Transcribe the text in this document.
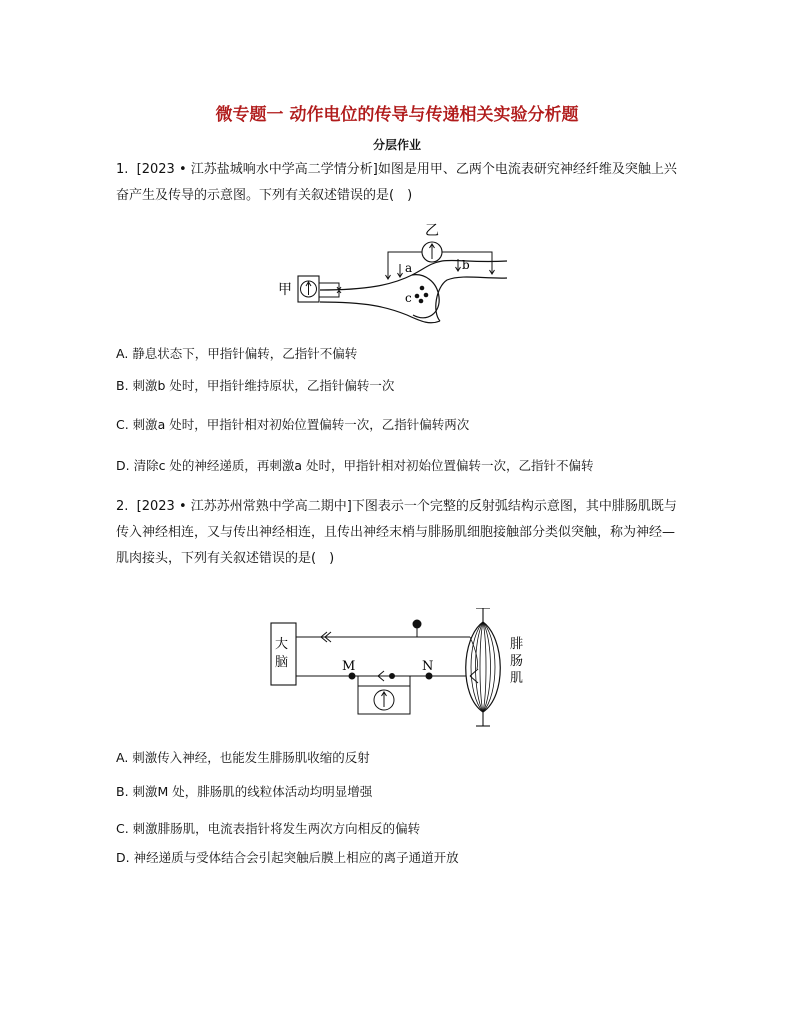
微专题一 动作电位的传导与传递相关实验分析题
分层作业
1. [2023 • 江苏盐城响水中学高二学情分析]如图是用甲、乙两个电流表研究神经纤维及突触上兴奋产生及传导的示意图。下列有关叙述错误的是(　)
c
甲
乙
a	b
A. 静息状态下，甲指针偏转，乙指针不偏转
B. 刺激b 处时，甲指针维持原状，乙指针偏转一次
C. 刺激a 处时，甲指针相对初始位置偏转一次，乙指针偏转两次
D. 清除c 处的神经递质，再刺激a 处时，甲指针相对初始位置偏转一次，乙指针不偏转
2. [2023 • 江苏苏州常熟中学高二期中]下图表示一个完整的反射弧结构示意图，其中腓肠肌既与传入神经相连，又与传出神经相连，且传出神经末梢与腓肠肌细胞接触部分类似突触，称为神经—肌肉接头，下列有关叙述错误的是(　)
大
脑	M	N
腓
肠
肌
A. 刺激传入神经，也能发生腓肠肌收缩的反射
B. 刺激M 处，腓肠肌的线粒体活动均明显增强
C. 刺激腓肠肌，电流表指针将发生两次方向相反的偏转
D. 神经递质与受体结合会引起突触后膜上相应的离子通道开放
